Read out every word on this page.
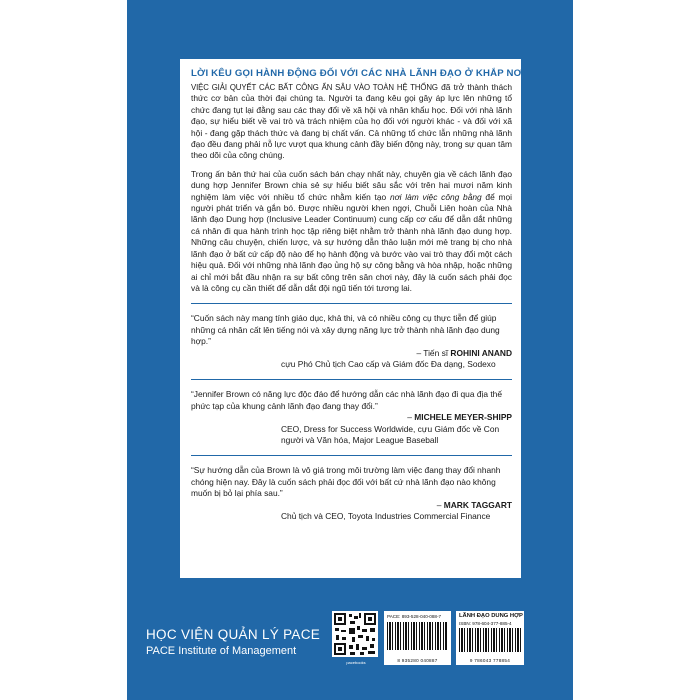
LỜI KÊU GỌI HÀNH ĐỘNG ĐỐI VỚI CÁC NHÀ LÃNH ĐẠO Ở KHẮP NƠI

VIỆC GIẢI QUYẾT CÁC BẤT CÔNG ẨN SÂU VÀO TOÀN HỆ THỐNG đã trở thành thách thức cơ bản của thời đại chúng ta. Người ta đang kêu gọi gây áp lực lên những tổ chức đang tụt lại đằng sau các thay đổi về xã hội và nhân khẩu học. Đối với nhà lãnh đạo, sự hiểu biết về vai trò và trách nhiệm của họ đối với người khác - và đối với xã hội - đang gặp thách thức và đang bị chất vấn. Cả những tổ chức lẫn những nhà lãnh đạo đều đang phải nỗ lực vượt qua khung cảnh đầy biến động này, trong sự quan tâm theo dõi của công chúng.

Trong ấn bản thứ hai của cuốn sách bán chạy nhất này, chuyên gia về cách lãnh đạo dung hợp Jennifer Brown chia sẻ sự hiểu biết sâu sắc với trên hai mươi năm kinh nghiệm làm việc với nhiều tổ chức nhằm kiến tạo nơi làm việc công bằng để mọi người phát triển và gắn bó. Được nhiều người khen ngợi, Chuỗi Liên hoàn của Nhà lãnh đạo Dung hợp (Inclusive Leader Continuum) cung cấp cơ cấu để dẫn dắt những cá nhân đi qua hành trình học tập riêng biệt nhằm trở thành nhà lãnh đạo dung hợp. Những câu chuyện, chiến lược, và sự hướng dẫn thảo luận mới mẻ trang bị cho nhà lãnh đạo ở bất cứ cấp độ nào để họ hành động và bước vào vai trò thay đổi một cách hiệu quả. Đối với những nhà lãnh đạo ủng hộ sự công bằng và hòa nhập, hoặc những ai chỉ mới bắt đầu nhận ra sự bất công trên sân chơi này, đây là cuốn sách phải đọc và là công cụ cần thiết để dẫn dắt đội ngũ tiến tới tương lai.

“Cuốn sách này mang tính giáo dục, khả thi, và có nhiều công cụ thực tiễn để giúp những cá nhân cất lên tiếng nói và xây dựng năng lực trở thành nhà lãnh đạo dung hợp.”

– Tiến sĩ ROHINI ANAND

cựu Phó Chủ tịch Cao cấp và Giám đốc Đa dạng, Sodexo

“Jennifer Brown có năng lực độc đáo để hướng dẫn các nhà lãnh đạo đi qua địa thế phức tạp của khung cảnh lãnh đạo đang thay đổi.”

– MICHELE MEYER-SHIPP

CEO, Dress for Success Worldwide, cựu Giám đốc về Con người và Văn hóa, Major League Baseball

“Sự hướng dẫn của Brown là vô giá trong môi trường làm việc đang thay đổi nhanh chóng hiện nay. Đây là cuốn sách phải đọc đối với bất cứ nhà lãnh đạo nào không muốn bị bỏ lại phía sau.”

– MARK TAGGART

Chủ tịch và CEO, Toyota Industries Commercial Finance

HỌC VIỆN QUẢN LÝ PACE
PACE Institute of Management
pacebooks
PACE: 893-528-040-088-7
8 935280 040887
LÃNH ĐẠO DUNG HỢP
ISBN: 978-604-377-885-4
9 786043 778854
